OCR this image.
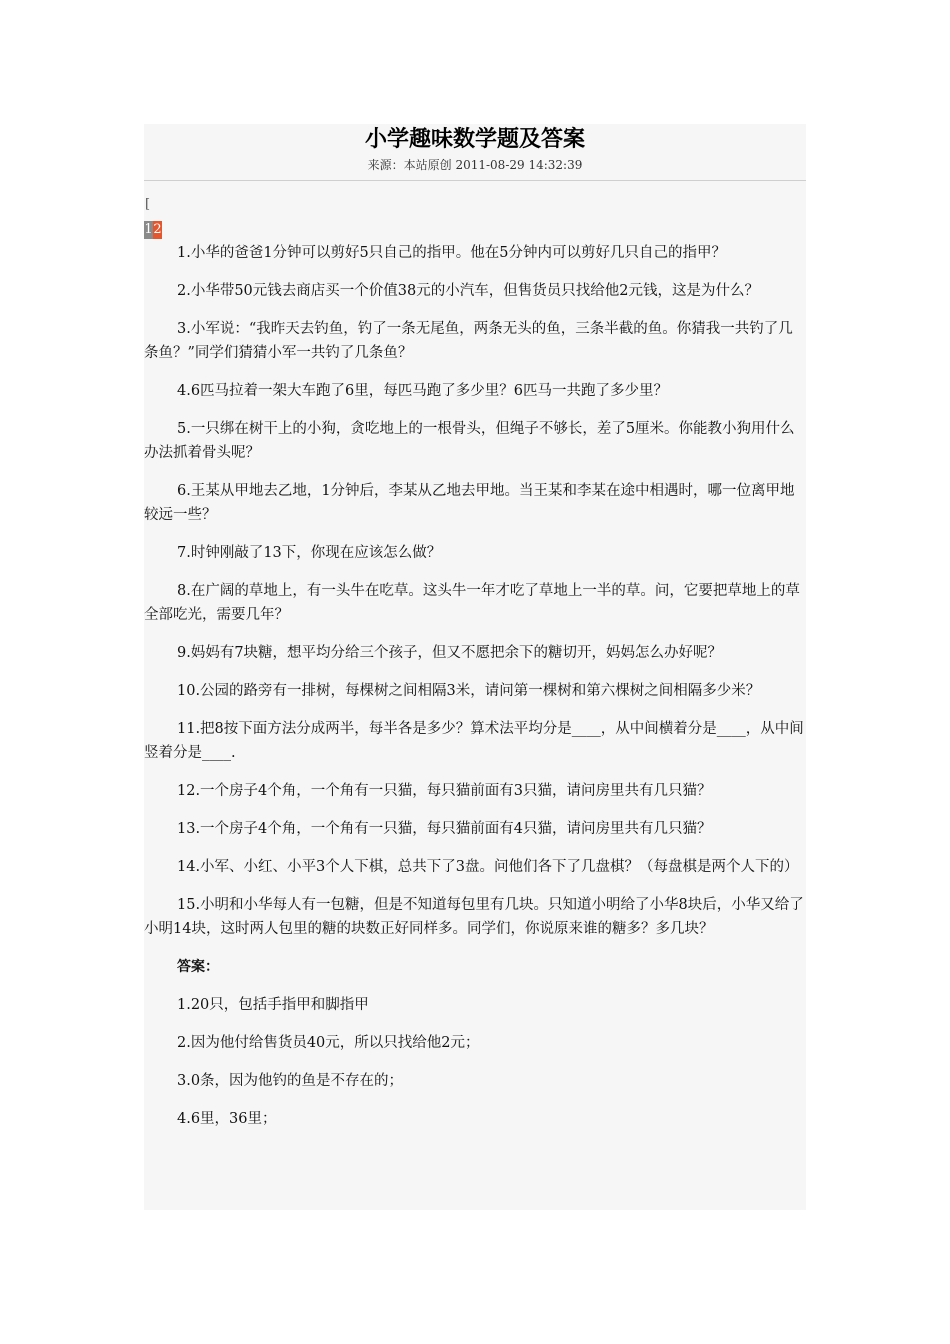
小学趣味数学题及答案
来源：本站原创 2011-08-29 14:32:39
[
1 2

1.小华的爸爸1分钟可以剪好5只自己的指甲。他在5分钟内可以剪好几只自己的指甲？

2.小华带50元钱去商店买一个价值38元的小汽车，但售货员只找给他2元钱，这是为什么？

3.小军说：“我昨天去钓鱼，钓了一条无尾鱼，两条无头的鱼，三条半截的鱼。你猜我一共钓了几条鱼？”同学们猜猜小军一共钓了几条鱼？

4.6匹马拉着一架大车跑了6里，每匹马跑了多少里？6匹马一共跑了多少里？

5.一只绑在树干上的小狗，贪吃地上的一根骨头，但绳子不够长，差了5厘米。你能教小狗用什么办法抓着骨头呢？

6.王某从甲地去乙地，1分钟后，李某从乙地去甲地。当王某和李某在途中相遇时，哪一位离甲地较远一些？

7.时钟刚敲了13下，你现在应该怎么做？

8.在广阔的草地上，有一头牛在吃草。这头牛一年才吃了草地上一半的草。问，它要把草地上的草全部吃光，需要几年？

9.妈妈有7块糖，想平均分给三个孩子，但又不愿把余下的糖切开，妈妈怎么办好呢？

10.公园的路旁有一排树，每棵树之间相隔3米，请问第一棵树和第六棵树之间相隔多少米？

11.把8按下面方法分成两半，每半各是多少？算术法平均分是____，从中间横着分是____，从中间竖着分是____.

12.一个房子4个角，一个角有一只猫，每只猫前面有3只猫，请问房里共有几只猫？

13.一个房子4个角，一个角有一只猫，每只猫前面有4只猫，请问房里共有几只猫？

14.小军、小红、小平3个人下棋，总共下了3盘。问他们各下了几盘棋？（每盘棋是两个人下的）

15.小明和小华每人有一包糖，但是不知道每包里有几块。只知道小明给了小华8块后，小华又给了小明14块，这时两人包里的糖的块数正好同样多。同学们，你说原来谁的糖多？多几块？

答案：

1.20只，包括手指甲和脚指甲

2.因为他付给售货员40元，所以只找给他2元；

3.0条，因为他钓的鱼是不存在的；

4.6里，36里；
